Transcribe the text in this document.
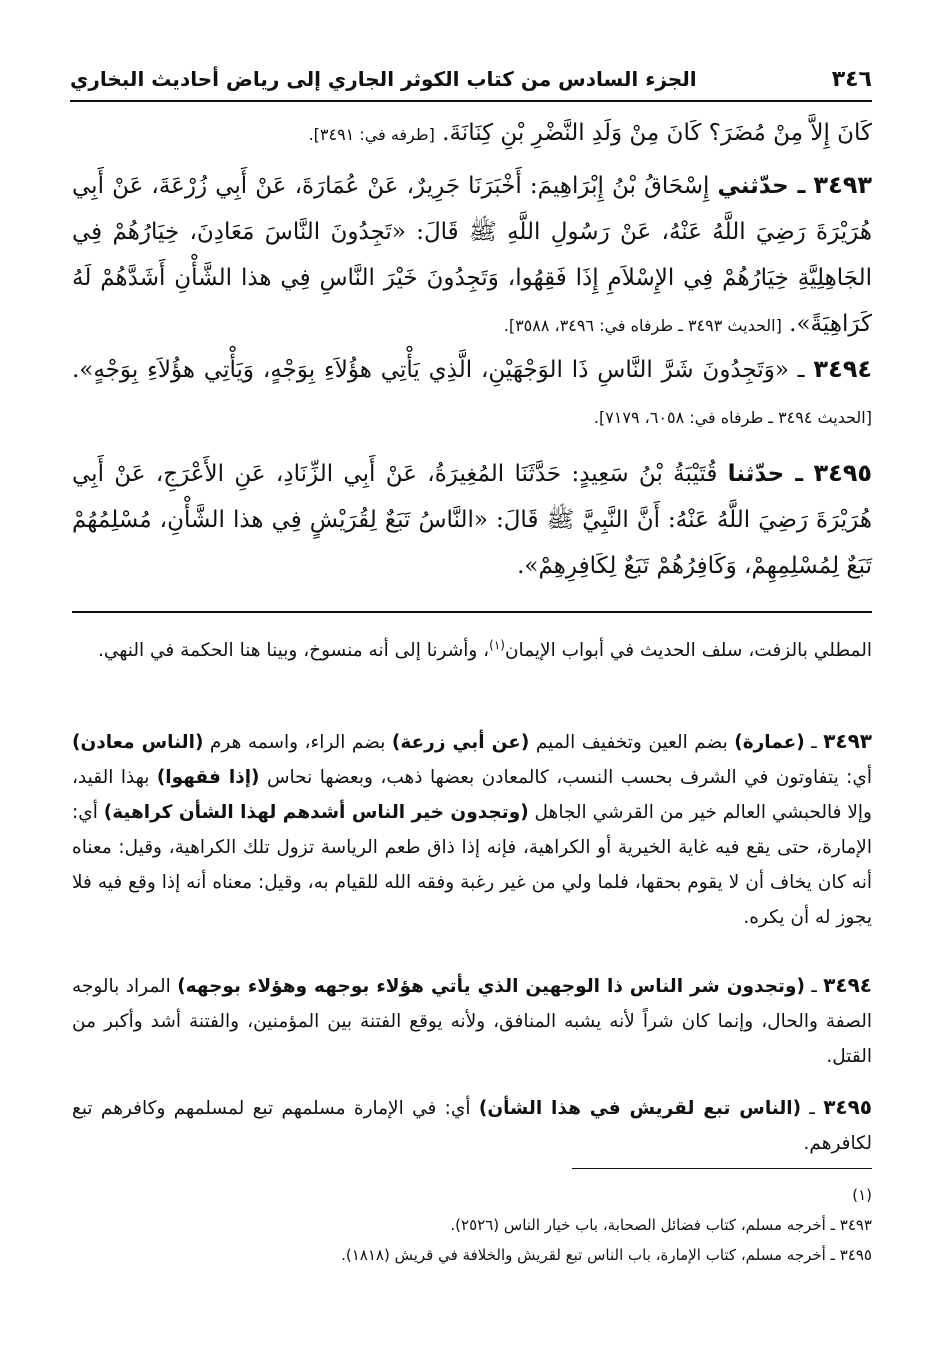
٣٤٦
الجزء السادس من كتاب الكوثر الجاري إلى رياض أحاديث البخاري

كَانَ إِلاَّ مِنْ مُضَرَ؟ كَانَ مِنْ وَلَدِ النَّضْرِ بْنِ كِنَانَةَ. [طرفه في: ٣٤٩١].

٣٤٩٣ ـ حدّثني إِسْحَاقُ بْنُ إِبْرَاهِيمَ: أَخْبَرَنَا جَرِيرٌ، عَنْ عُمَارَةَ، عَنْ أَبِي زُرْعَةَ، عَنْ أَبِي هُرَيْرَةَ رَضِيَ اللَّهُ عَنْهُ، عَنْ رَسُولِ اللَّهِ ﷺ قَالَ: «تَجِدُونَ النَّاسَ مَعَادِنَ، خِيَارُهُمْ فِي الجَاهِلِيَّةِ خِيَارُهُمْ فِي الإِسْلاَمِ إِذَا فَقِهُوا، وَتَجِدُونَ خَيْرَ النَّاسِ فِي هذا الشَّأْنِ أَشَدَّهُمْ لَهُ كَرَاهِيَةً». [الحديث ٣٤٩٣ ـ طرفاه في: ٣٤٩٦، ٣٥٨٨].

٣٤٩٤ ـ «وَتَجِدُونَ شَرَّ النَّاسِ ذَا الوَجْهَيْنِ، الَّذِي يَأْتِي هؤُلاَءِ بِوَجْهٍ، وَيَأْتِي هؤُلاَءِ بِوَجْهٍ». [الحديث ٣٤٩٤ ـ طرفاه في: ٦٠٥٨، ٧١٧٩].

٣٤٩٥ ـ حدّثنا قُتَيْبَةُ بْنُ سَعِيدٍ: حَدَّثَنَا المُغِيرَةُ، عَنْ أَبِي الزِّنَادِ، عَنِ الأَعْرَجِ، عَنْ أَبِي هُرَيْرَةَ رَضِيَ اللَّهُ عَنْهُ: أَنَّ النَّبِيَّ ﷺ قَالَ: «النَّاسُ تَبَعٌ لِقُرَيْشٍ فِي هذا الشَّأْنِ، مُسْلِمُهُمْ تَبَعٌ لِمُسْلِمِهِمْ، وَكَافِرُهُمْ تَبَعٌ لِكَافِرِهِمْ».

المطلي بالزفت، سلف الحديث في أبواب الإيمان$^{(١)}$، وأشرنا إلى أنه منسوخ، وبينا هنا الحكمة في النهي.

٣٤٩٣ ـ (عمارة) بضم العين وتخفيف الميم (عن أبي زرعة) بضم الراء، واسمه هرم (الناس معادن) أي: يتفاوتون في الشرف بحسب النسب، كالمعادن بعضها ذهب، وبعضها نحاس (إذا فقهوا) بهذا القيد، وإلا فالحبشي العالم خير من القرشي الجاهل (وتجدون خير الناس أشدهم لهذا الشأن كراهية) أي: الإمارة، حتى يقع فيه غاية الخيرية أو الكراهية، فإنه إذا ذاق طعم الرياسة تزول تلك الكراهية، وقيل: معناه أنه كان يخاف أن لا يقوم بحقها، فلما ولي من غير رغبة وفقه الله للقيام به، وقيل: معناه أنه إذا وقع فيه فلا يجوز له أن يكره.

٣٤٩٤ ـ (وتجدون شر الناس ذا الوجهين الذي يأتي هؤلاء بوجهه وهؤلاء بوجهه) المراد بالوجه الصفة والحال، وإنما كان شراً لأنه يشبه المنافق، ولأنه يوقع الفتنة بين المؤمنين، والفتنة أشد وأكبر من القتل.

٣٤٩٥ ـ (الناس تبع لقريش في هذا الشأن) أي: في الإمارة مسلمهم تبع لمسلمهم وكافرهم تبع لكافرهم.

(١)
٣٤٩٣ ـ أخرجه مسلم، كتاب فضائل الصحابة، باب خيار الناس (٢٥٢٦).
٣٤٩٥ ـ أخرجه مسلم، كتاب الإمارة، باب الناس تبع لقريش والخلافة في قريش (١٨١٨).
